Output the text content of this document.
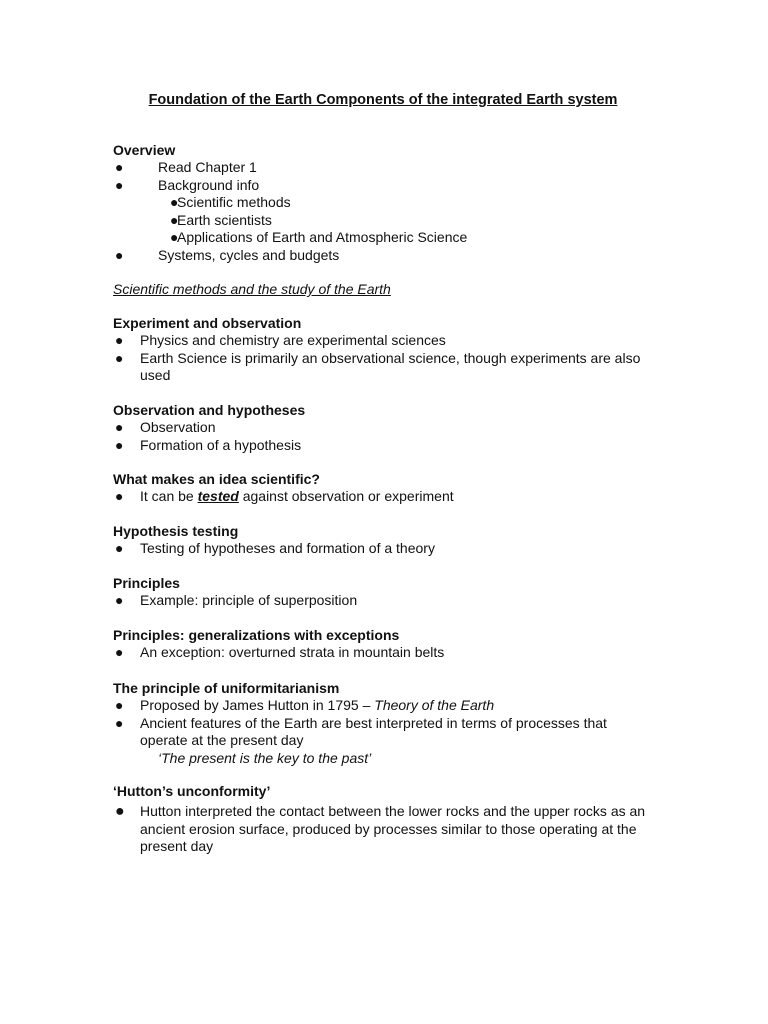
Foundation of the Earth Components of the integrated Earth system
Overview
● Read Chapter 1
● Background info
●
Scientific methods
●
Earth scientists
●
Applications of Earth and Atmospheric Science
● Systems, cycles and budgets
Scientific methods and the study of the Earth
Experiment and observation
● Physics and chemistry are experimental sciences
● Earth Science is primarily an observational science, though experiments are also used
Observation and hypotheses
● Observation
● Formation of a hypothesis
What makes an idea scientific?
● It can be tested against observation or experiment
Hypothesis testing
● Testing of hypotheses and formation of a theory
Principles
● Example: principle of superposition
Principles: generalizations with exceptions
● An exception: overturned strata in mountain belts
The principle of uniformitarianism
● Proposed by James Hutton in 1795 – Theory of the Earth
● Ancient features of the Earth are best interpreted in terms of processes that operate at the present day
‘The present is the key to the past’
‘Hutton’s unconformity’
● Hutton interpreted the contact between the lower rocks and the upper rocks as an ancient erosion surface, produced by processes similar to those operating at the present day
